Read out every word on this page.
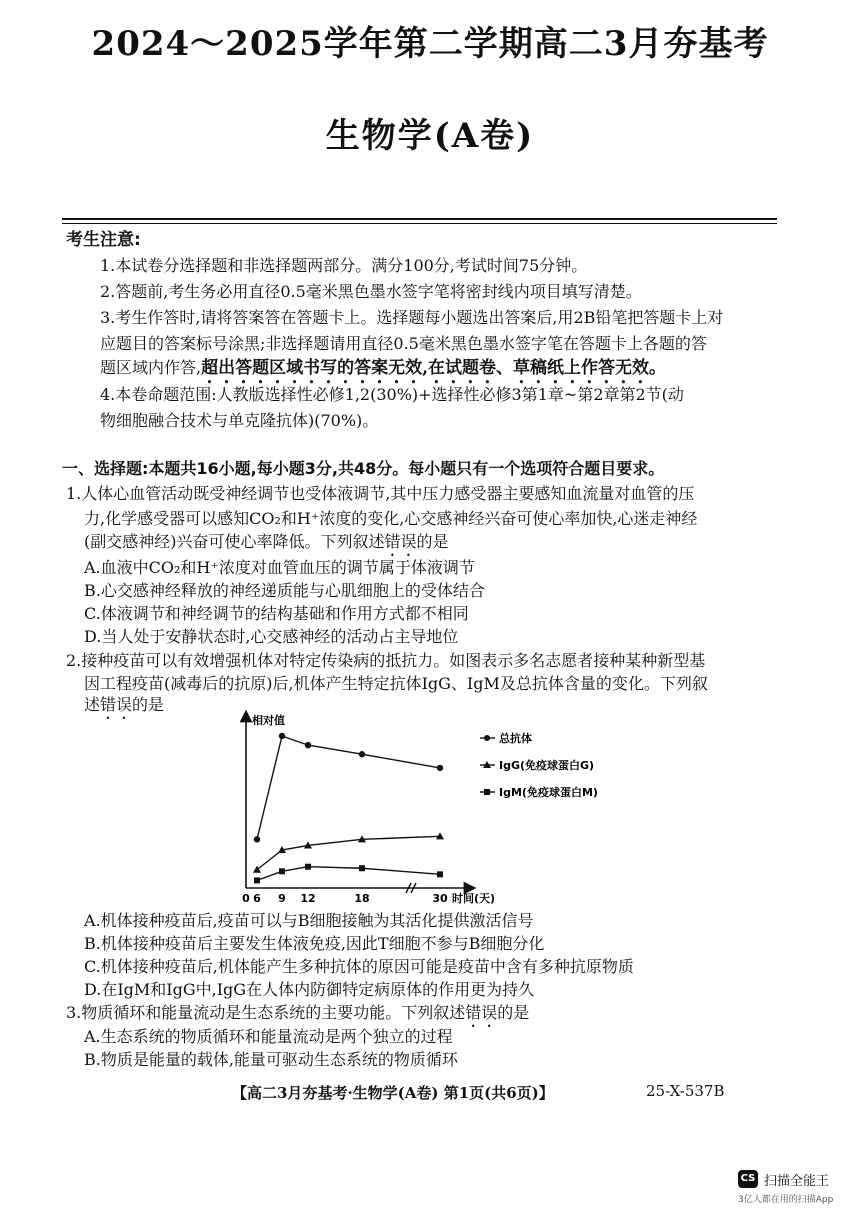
2024～2025学年第二学期高二3月夯基考
生物学(A卷)
考生注意:
1.本试卷分选择题和非选择题两部分。满分100分,考试时间75分钟。
2.答题前,考生务必用直径0.5毫米黑色墨水签字笔将密封线内项目填写清楚。
3.考生作答时,请将答案答在答题卡上。选择题每小题选出答案后,用2B铅笔把答题卡上对
应题目的答案标号涂黑;非选择题请用直径0.5毫米黑色墨水签字笔在答题卡上各题的答
题区域内作答,超出答题区域书写的答案无效,在试题卷、草稿纸上作答无效。
4.本卷命题范围:人教版选择性必修1,2(30%)+选择性必修3第1章~第2章第2节(动
物细胞融合技术与单克隆抗体)(70%)。
一、选择题:本题共16小题,每小题3分,共48分。每小题只有一个选项符合题目要求。
1.人体心血管活动既受神经调节也受体液调节,其中压力感受器主要感知血流量对血管的压
力,化学感受器可以感知CO₂和H⁺浓度的变化,心交感神经兴奋可使心率加快,心迷走神经
(副交感神经)兴奋可使心率降低。下列叙述错误的是
A.血液中CO₂和H⁺浓度对血管血压的调节属于体液调节
B.心交感神经释放的神经递质能与心肌细胞上的受体结合
C.体液调节和神经调节的结构基础和作用方式都不相同
D.当人处于安静状态时,心交感神经的活动占主导地位
2.接种疫苗可以有效增强机体对特定传染病的抵抗力。如图表示多名志愿者接种某种新型基
因工程疫苗(减毒后的抗原)后,机体产生特定抗体IgG、IgM及总抗体含量的变化。下列叙
述错误的是
相对值
时间(天)
0 6 9 12	18	30
总抗体
IgG(免疫球蛋白G)
IgM(免疫球蛋白M)
A.机体接种疫苗后,疫苗可以与B细胞接触为其活化提供激活信号
B.机体接种疫苗后主要发生体液免疫,因此T细胞不参与B细胞分化
C.机体接种疫苗后,机体能产生多种抗体的原因可能是疫苗中含有多种抗原物质
D.在IgM和IgG中,IgG在人体内防御特定病原体的作用更为持久
3.物质循环和能量流动是生态系统的主要功能。下列叙述错误的是
A.生态系统的物质循环和能量流动是两个独立的过程
B.物质是能量的载体,能量可驱动生态系统的物质循环
【高二3月夯基考·生物学(A卷) 第1页(共6页)】	25-X-537B
CS 扫描全能王
3亿人都在用的扫描App
